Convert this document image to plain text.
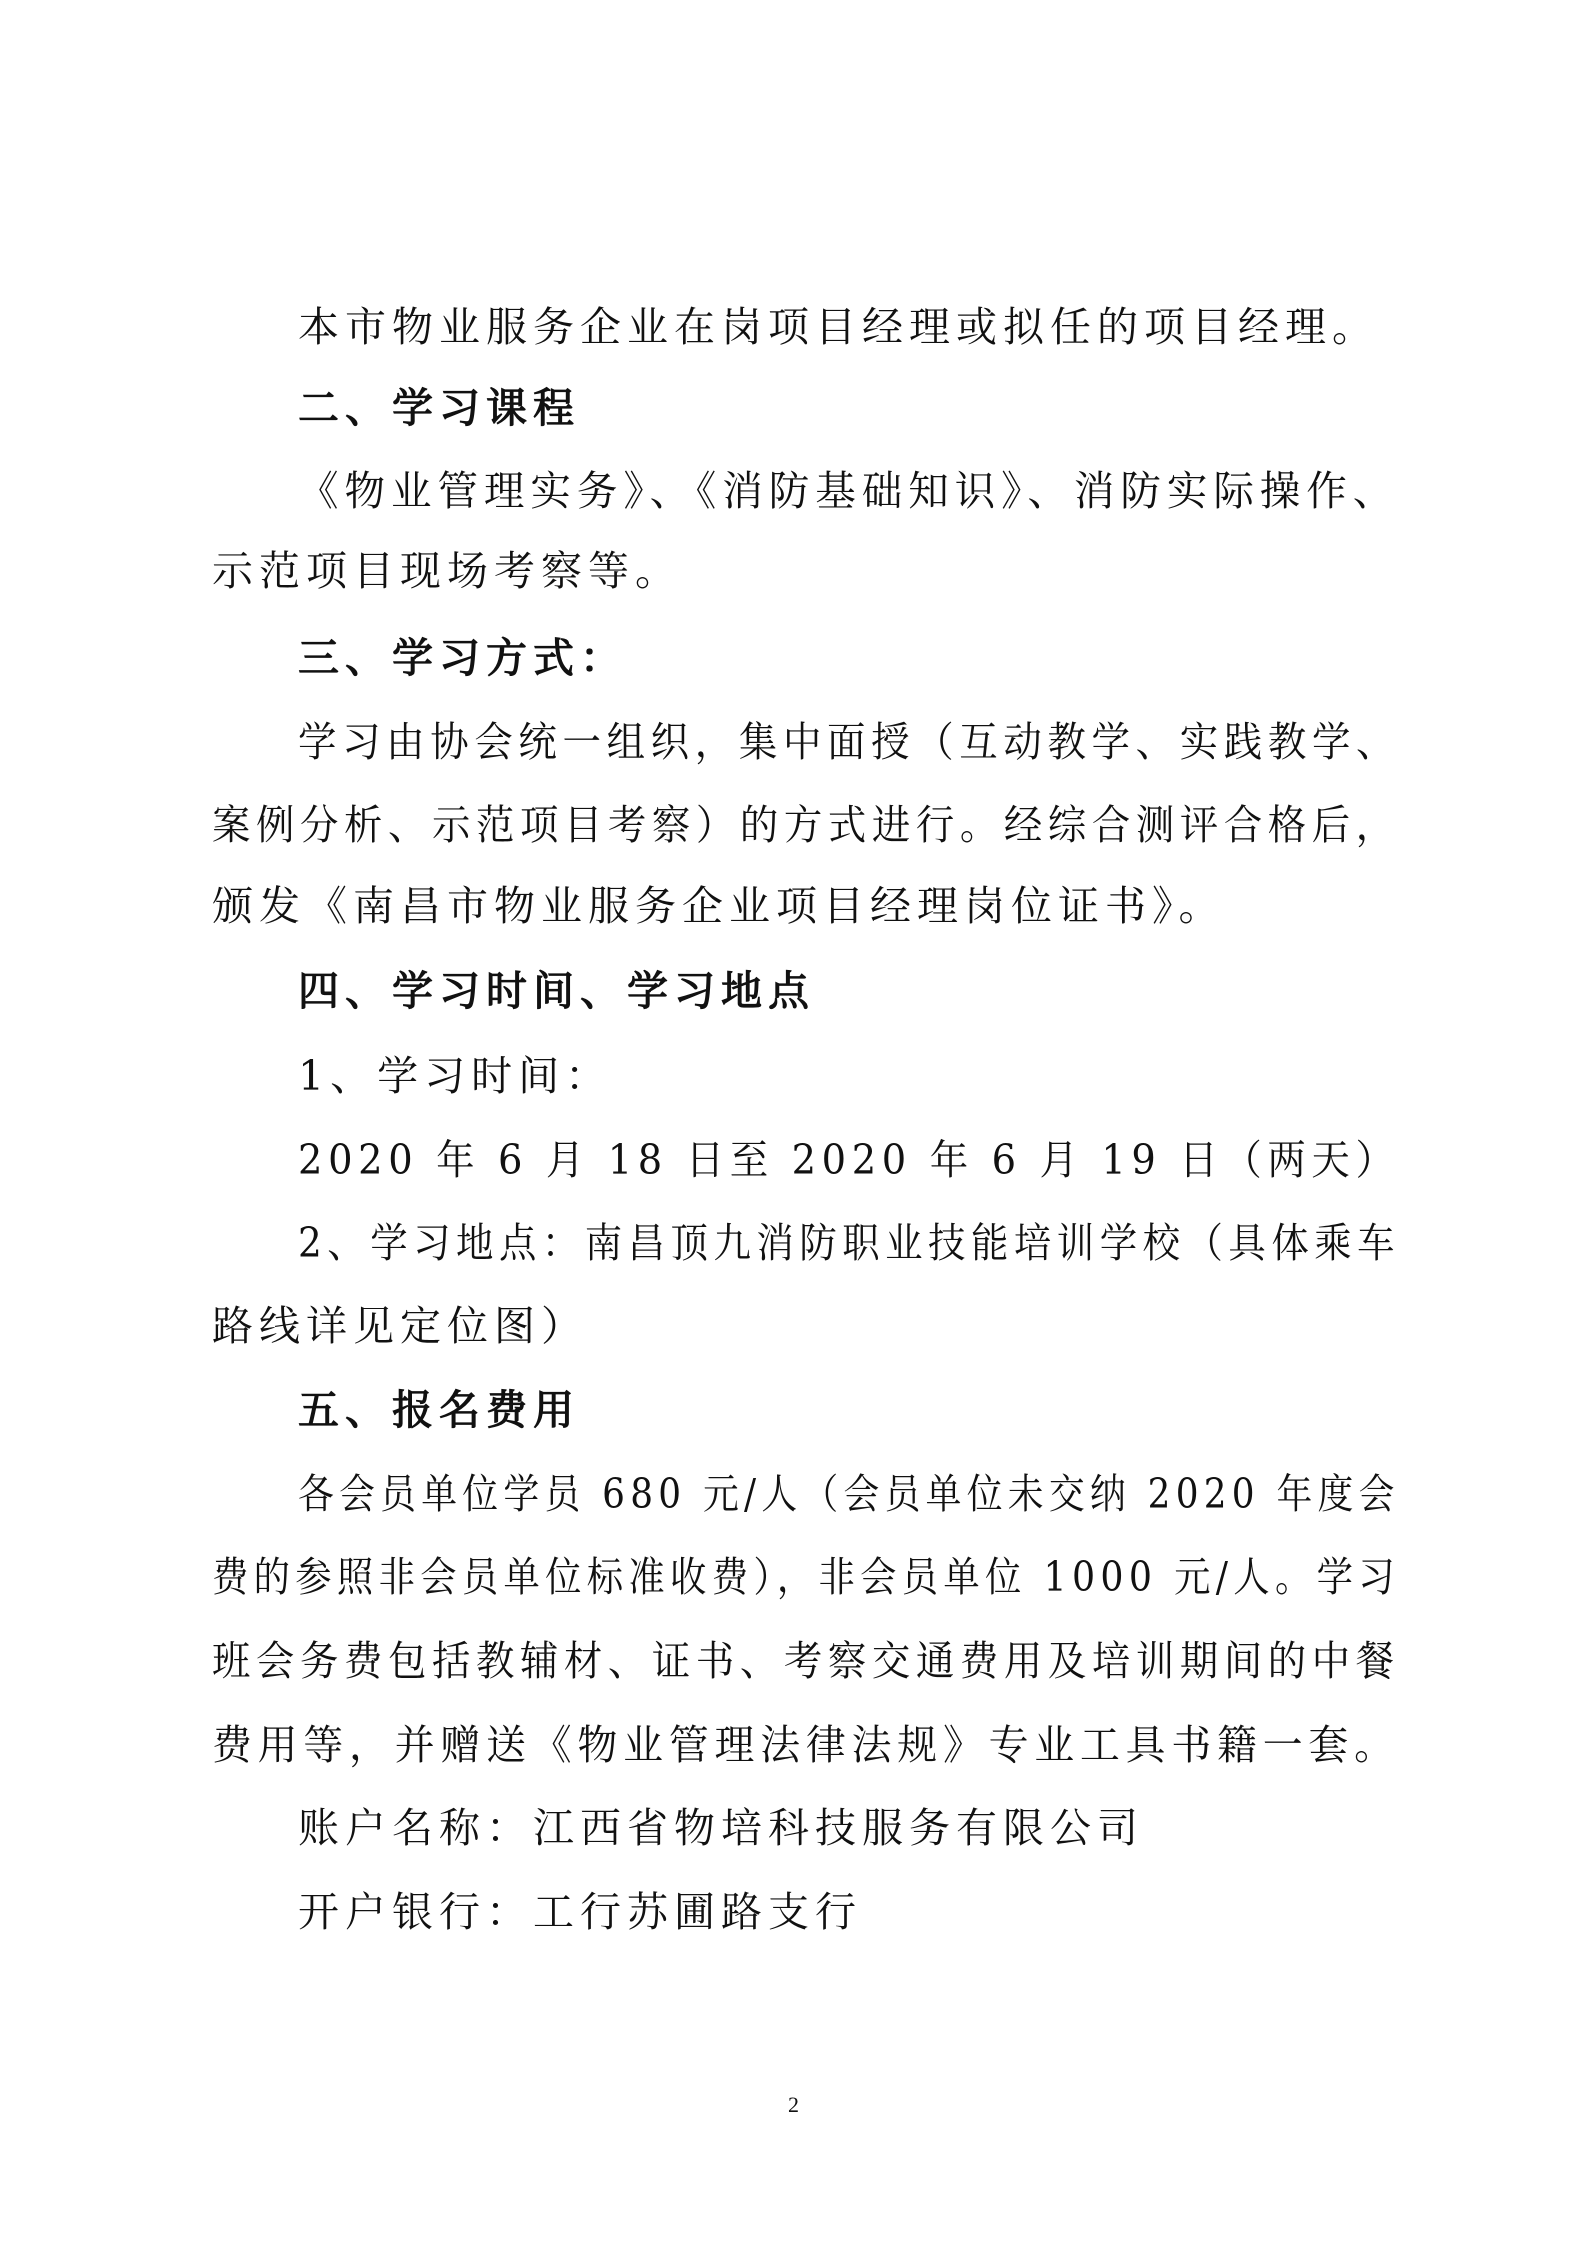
本市物业服务企业在岗项目经理或拟任的项目经理。
二、学习课程
《物业管理实务》、《消防基础知识》、消防实际操作、
示范项目现场考察等。
三、学习方式：
学习由协会统一组织，集中面授（互动教学、实践教学、
案例分析、示范项目考察）的方式进行。经综合测评合格后，
颁发《南昌市物业服务企业项目经理岗位证书》。
四、学习时间、学习地点
1、学习时间：
2020 年 6 月 18 日至 2020 年 6 月 19 日（两天）
2、学习地点：南昌顶九消防职业技能培训学校（具体乘车
路线详见定位图）
五、报名费用
各会员单位学员 680 元/人（会员单位未交纳 2020 年度会
费的参照非会员单位标准收费），非会员单位 1000 元/人。学习
班会务费包括教辅材、证书、考察交通费用及培训期间的中餐
费用等，并赠送《物业管理法律法规》专业工具书籍一套。
账户名称：江西省物培科技服务有限公司
开户银行：工行苏圃路支行
2
